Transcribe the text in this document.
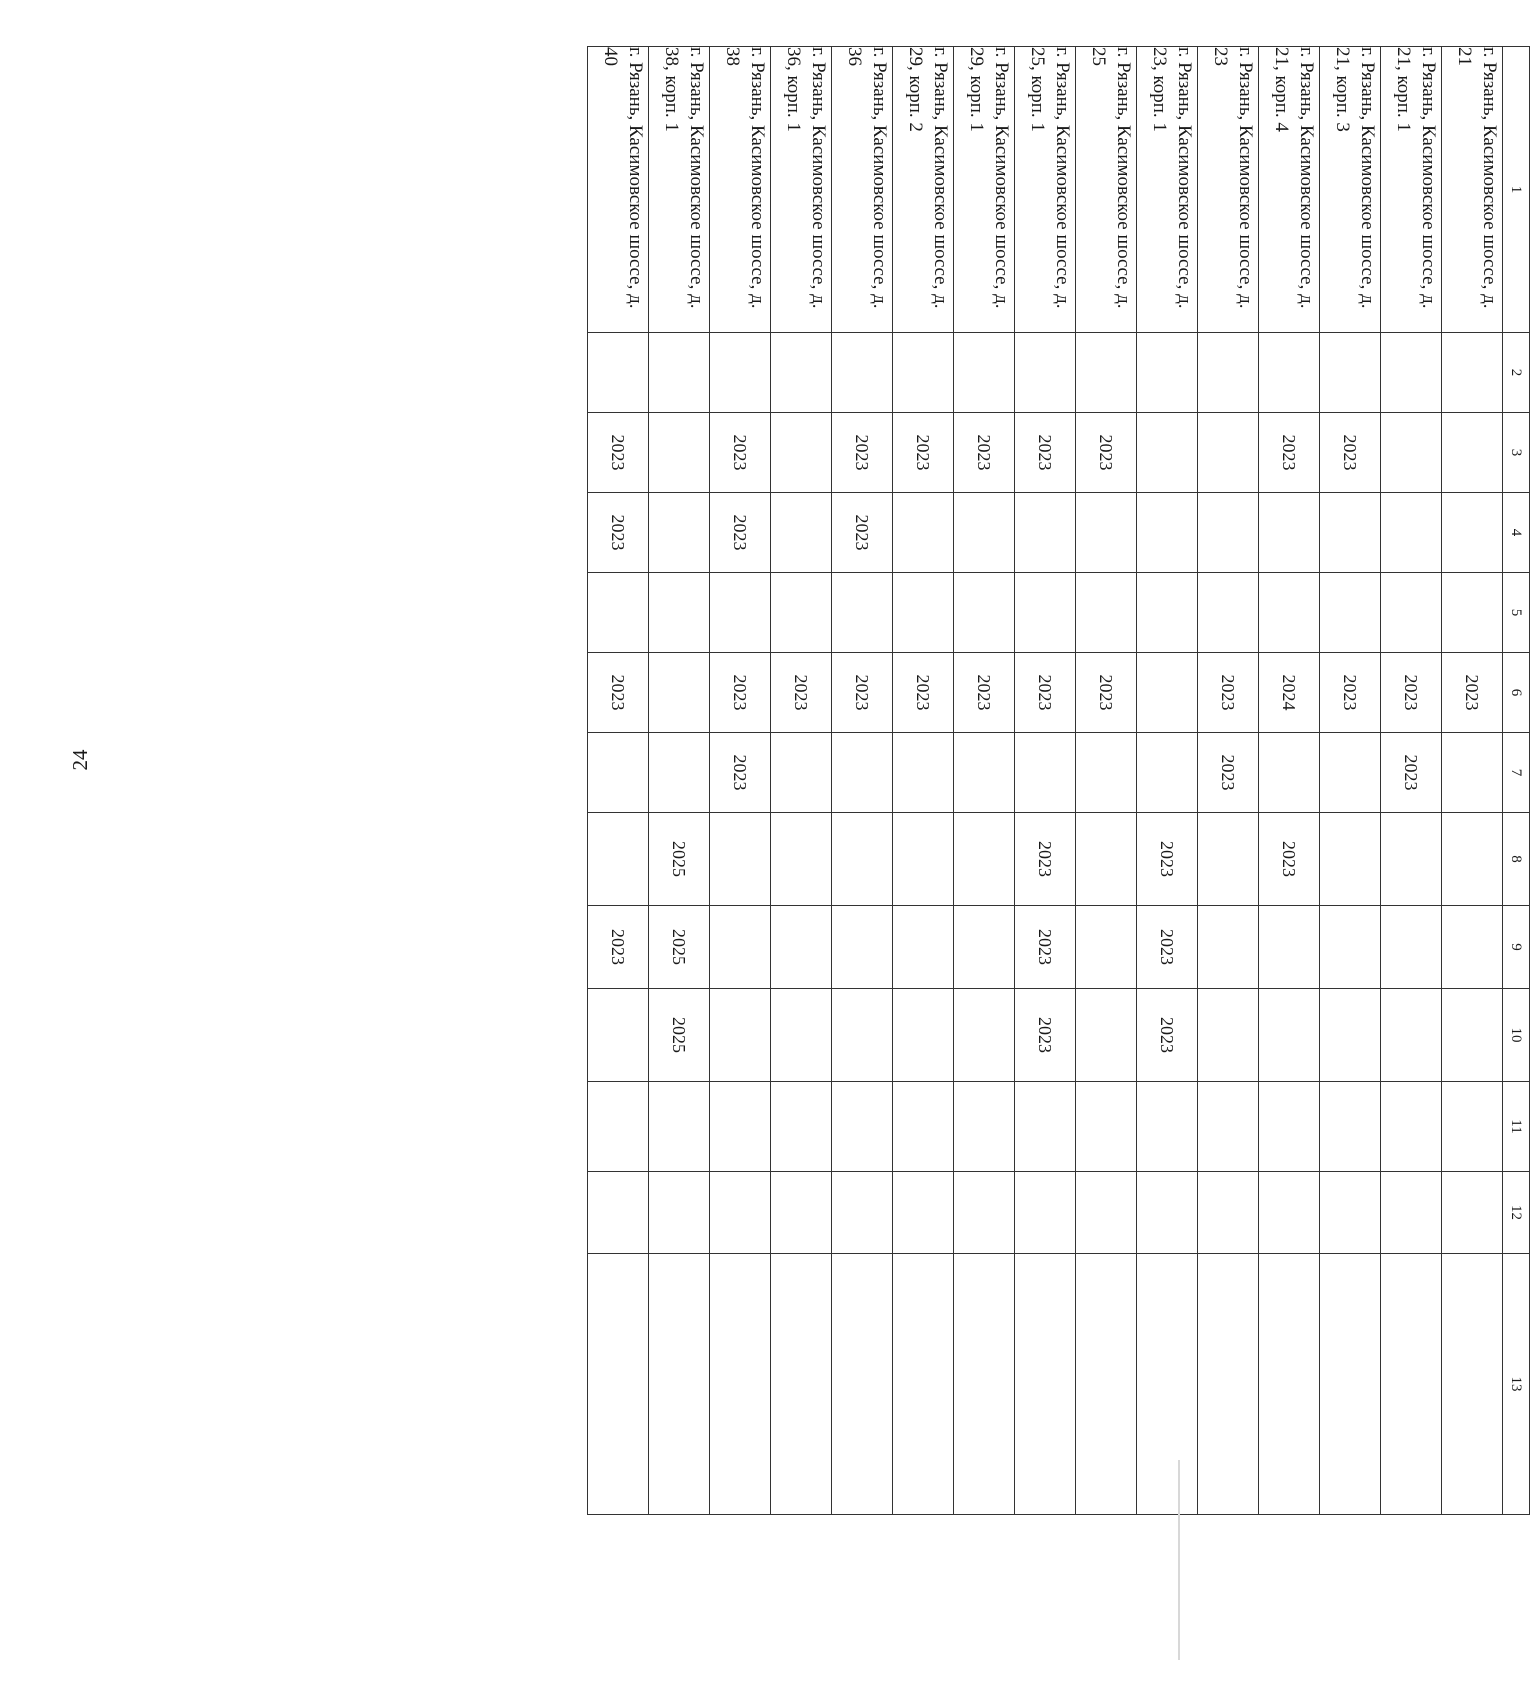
24
1	2	3	4	5	6	7	8	9	10	11	12	13
г. Рязань, Касимовское шоссе, д. 21					2023							
г. Рязань, Касимовское шоссе, д. 21, корп. 1					2023	2023						
г. Рязань, Касимовское шоссе, д. 21, корп. 3		2023			2023							
г. Рязань, Касимовское шоссе, д. 21, корп. 4		2023			2024		2023					
г. Рязань, Касимовское шоссе, д. 23					2023	2023						
г. Рязань, Касимовское шоссе, д. 23, корп. 1							2023	2023	2023			
г. Рязань, Касимовское шоссе, д. 25		2023			2023							
г. Рязань, Касимовское шоссе, д. 25, корп. 1		2023			2023		2023	2023	2023			
г. Рязань, Касимовское шоссе, д. 29, корп. 1		2023			2023							
г. Рязань, Касимовское шоссе, д. 29, корп. 2		2023			2023							
г. Рязань, Касимовское шоссе, д. 36		2023	2023		2023							
г. Рязань, Касимовское шоссе, д. 36, корп. 1					2023							
г. Рязань, Касимовское шоссе, д. 38		2023	2023		2023	2023						
г. Рязань, Касимовское шоссе, д. 38, корп. 1							2025	2025	2025			
г. Рязань, Касимовское шоссе, д. 40		2023	2023		2023			2023				
